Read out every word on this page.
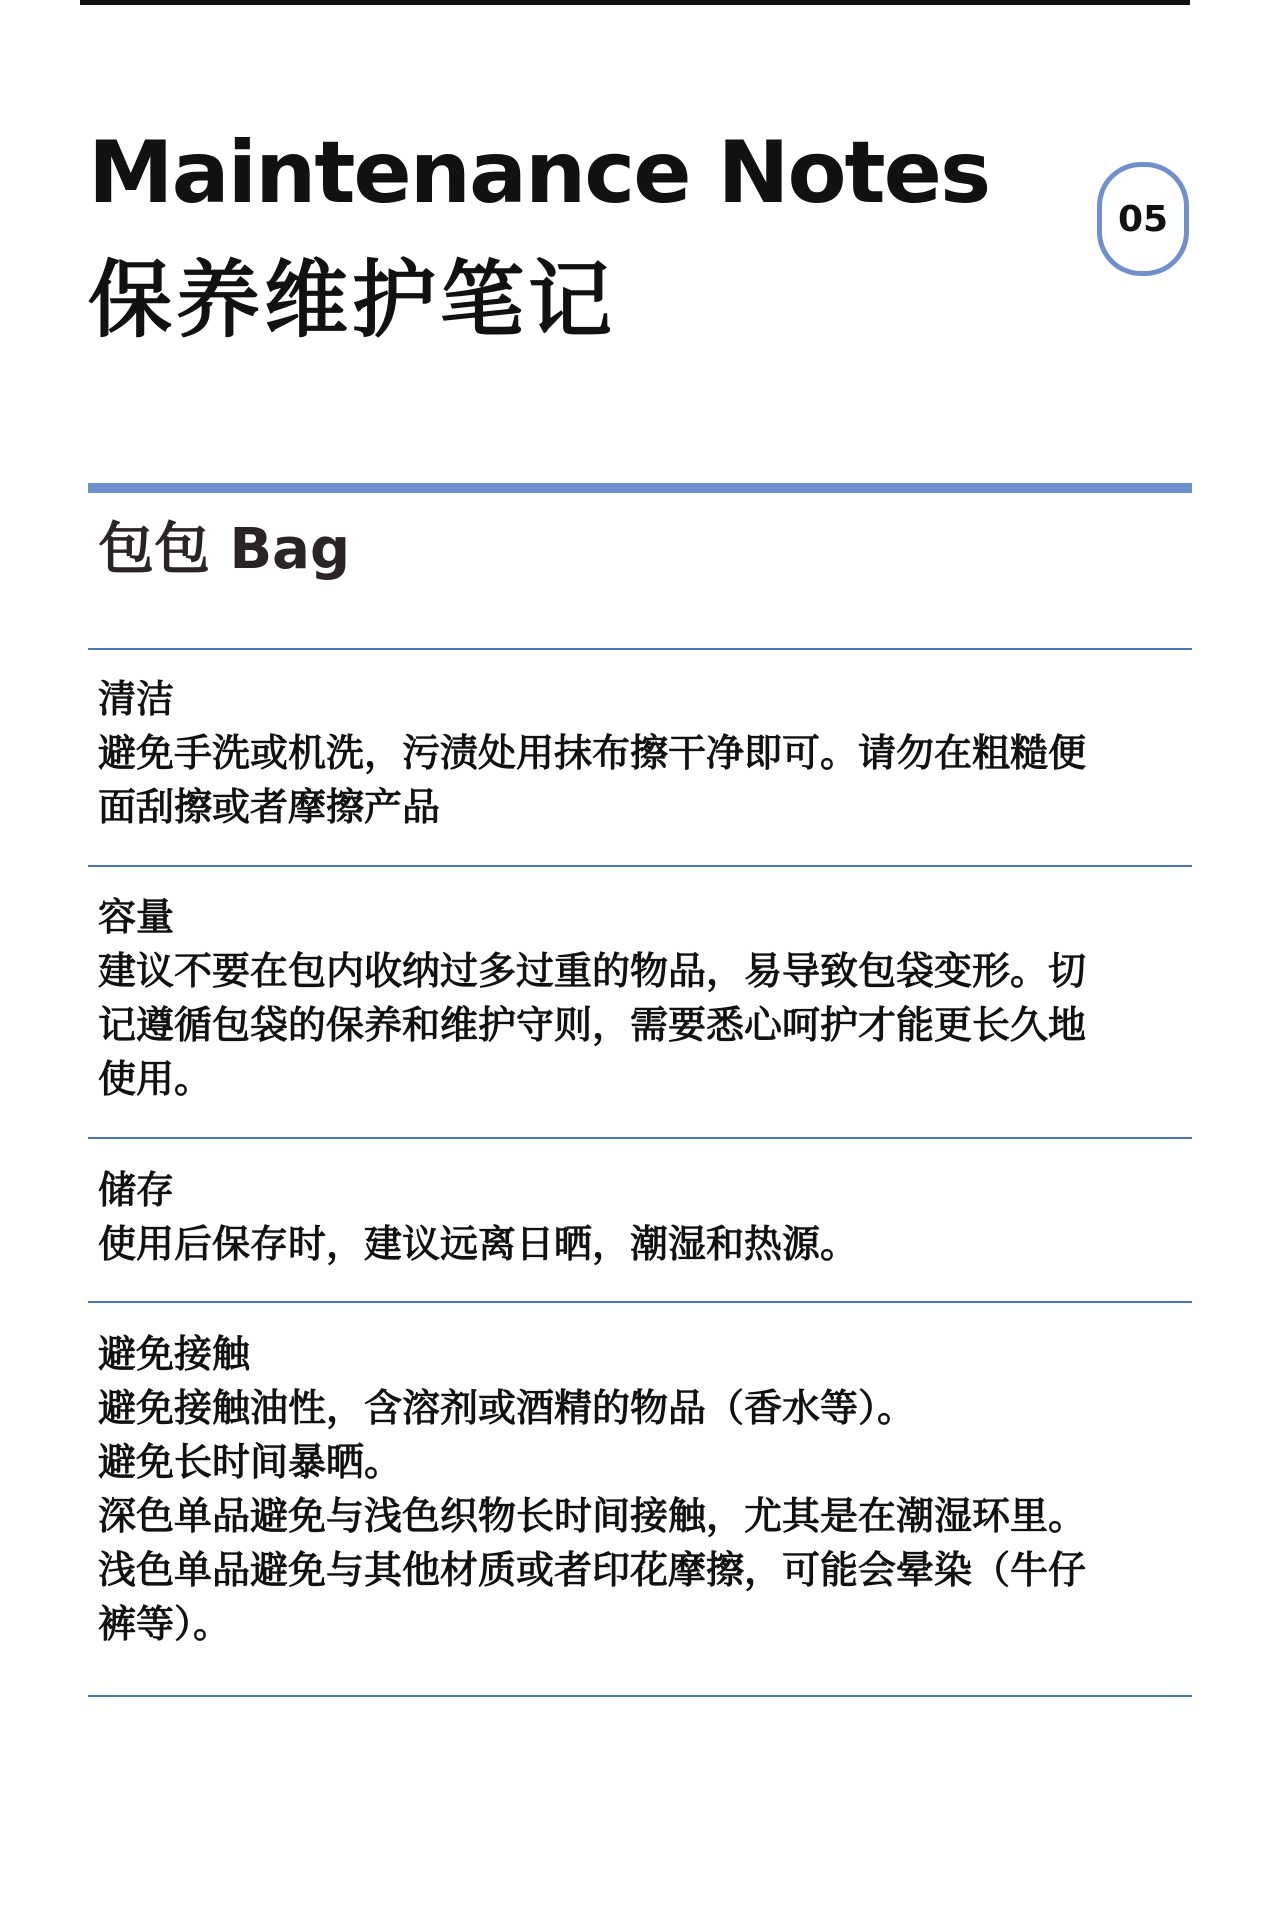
Maintenance Notes
保养维护笔记
05
包包 Bag
清洁
避免手洗或机洗，污渍处用抹布擦干净即可。请勿在粗糙便
面刮擦或者摩擦产品
容量
建议不要在包内收纳过多过重的物品，易导致包袋变形。切
记遵循包袋的保养和维护守则，需要悉心呵护才能更长久地
使用。
储存
使用后保存时，建议远离日晒，潮湿和热源。
避免接触
避免接触油性，含溶剂或酒精的物品（香水等）。
避免长时间暴晒。
深色单品避免与浅色织物长时间接触，尤其是在潮湿环里。
浅色单品避免与其他材质或者印花摩擦，可能会晕染（牛仔
裤等）。
